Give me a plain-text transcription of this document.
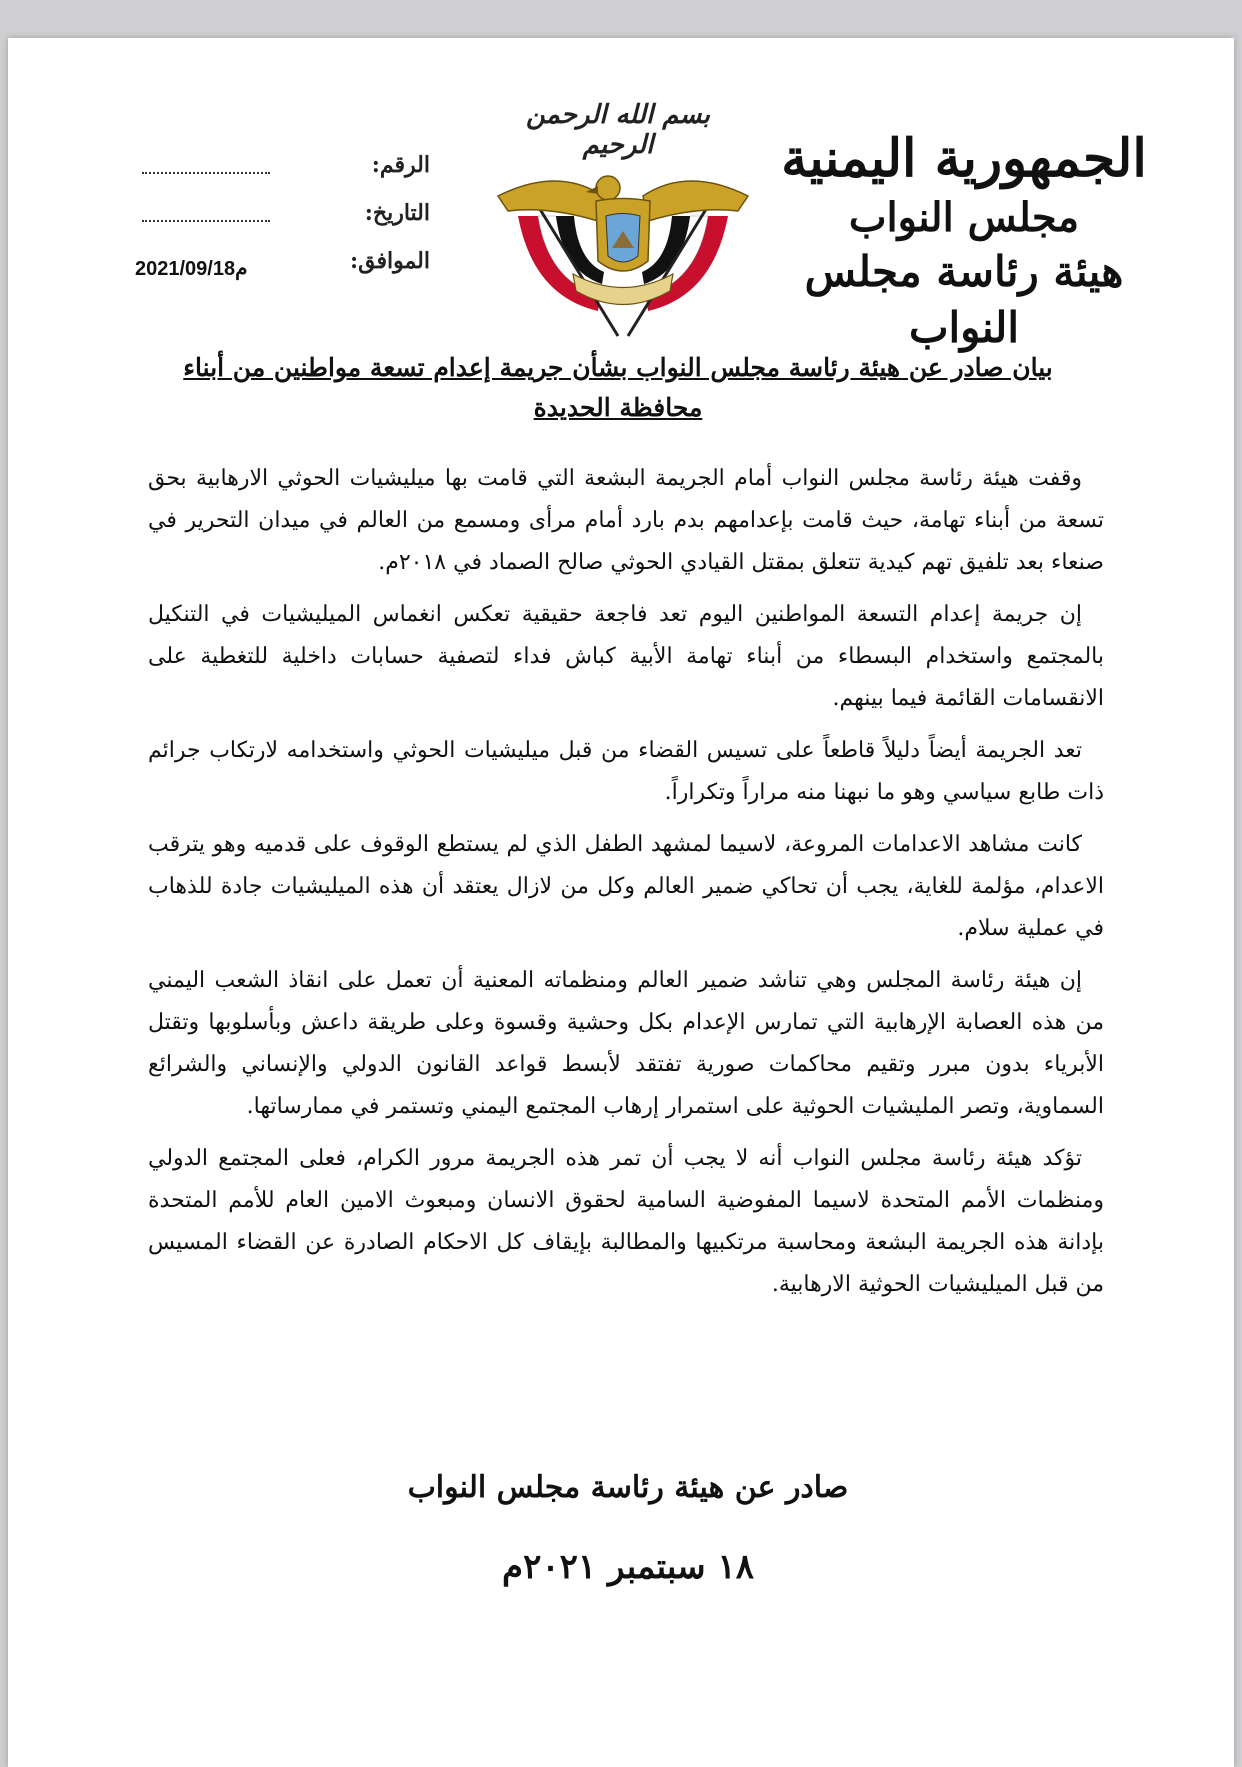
الجمهورية اليمنية
مجلس النواب
هيئة رئاسة مجلس النواب
بسم الله الرحمن الرحيم
الرقم:
التاريخ:
الموافق:
2021/09/18م
بيان صادر عن هيئة رئاسة مجلس النواب بشأن جريمة إعدام تسعة مواطنين من أبناء محافظة الحديدة

وقفت هيئة رئاسة مجلس النواب أمام الجريمة البشعة التي قامت بها ميليشيات الحوثي الارهابية بحق تسعة من أبناء تهامة، حيث قامت بإعدامهم بدم بارد أمام مرأى ومسمع من العالم في ميدان التحرير في صنعاء بعد تلفيق تهم كيدية تتعلق بمقتل القيادي الحوثي صالح الصماد في ٢٠١٨م.

إن جريمة إعدام التسعة المواطنين اليوم تعد فاجعة حقيقية تعكس انغماس الميليشيات في التنكيل بالمجتمع واستخدام البسطاء من أبناء تهامة الأبية كباش فداء لتصفية حسابات داخلية للتغطية على الانقسامات القائمة فيما بينهم.

تعد الجريمة أيضاً دليلاً قاطعاً على تسيس القضاء من قبل ميليشيات الحوثي واستخدامه لارتكاب جرائم ذات طابع سياسي وهو ما نبهنا منه مراراً وتكراراً.

كانت مشاهد الاعدامات المروعة، لاسيما لمشهد الطفل الذي لم يستطع الوقوف على قدميه وهو يترقب الاعدام، مؤلمة للغاية، يجب أن تحاكي ضمير العالم وكل من لازال يعتقد أن هذه الميليشيات جادة للذهاب في عملية سلام.

إن هيئة رئاسة المجلس وهي تناشد ضمير العالم ومنظماته المعنية أن تعمل على انقاذ الشعب اليمني من هذه العصابة الإرهابية التي تمارس الإعدام بكل وحشية وقسوة وعلى طريقة داعش وبأسلوبها وتقتل الأبرياء بدون مبرر وتقيم محاكمات صورية تفتقد لأبسط قواعد القانون الدولي والإنساني والشرائع السماوية، وتصر المليشيات الحوثية على استمرار إرهاب المجتمع اليمني وتستمر في ممارساتها.

تؤكد هيئة رئاسة مجلس النواب أنه لا يجب أن تمر هذه الجريمة مرور الكرام، فعلى المجتمع الدولي ومنظمات الأمم المتحدة لاسيما المفوضية السامية لحقوق الانسان ومبعوث الامين العام للأمم المتحدة بإدانة هذه الجريمة البشعة ومحاسبة مرتكبيها والمطالبة بإيقاف كل الاحكام الصادرة عن القضاء المسيس من قبل الميليشيات الحوثية الارهابية.

صادر عن هيئة رئاسة مجلس النواب
١٨ سبتمبر ٢٠٢١م
